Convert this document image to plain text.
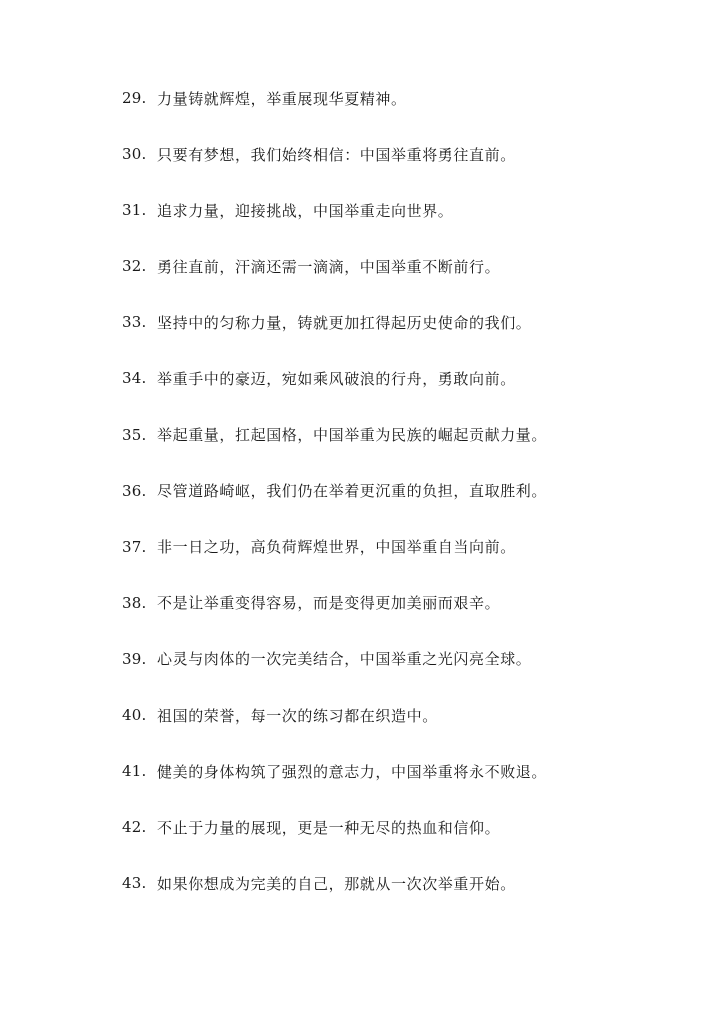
29. 力量铸就辉煌，举重展现华夏精神。
30. 只要有梦想，我们始终相信：中国举重将勇往直前。
31. 追求力量，迎接挑战，中国举重走向世界。
32. 勇往直前，汗滴还需一滴滴，中国举重不断前行。
33. 坚持中的匀称力量，铸就更加扛得起历史使命的我们。
34. 举重手中的豪迈，宛如乘风破浪的行舟，勇敢向前。
35. 举起重量，扛起国格，中国举重为民族的崛起贡献力量。
36. 尽管道路崎岖，我们仍在举着更沉重的负担，直取胜利。
37. 非一日之功，高负荷辉煌世界，中国举重自当向前。
38. 不是让举重变得容易，而是变得更加美丽而艰辛。
39. 心灵与肉体的一次完美结合，中国举重之光闪亮全球。
40. 祖国的荣誉，每一次的练习都在织造中。
41. 健美的身体构筑了强烈的意志力，中国举重将永不败退。
42. 不止于力量的展现，更是一种无尽的热血和信仰。
43. 如果你想成为完美的自己，那就从一次次举重开始。
